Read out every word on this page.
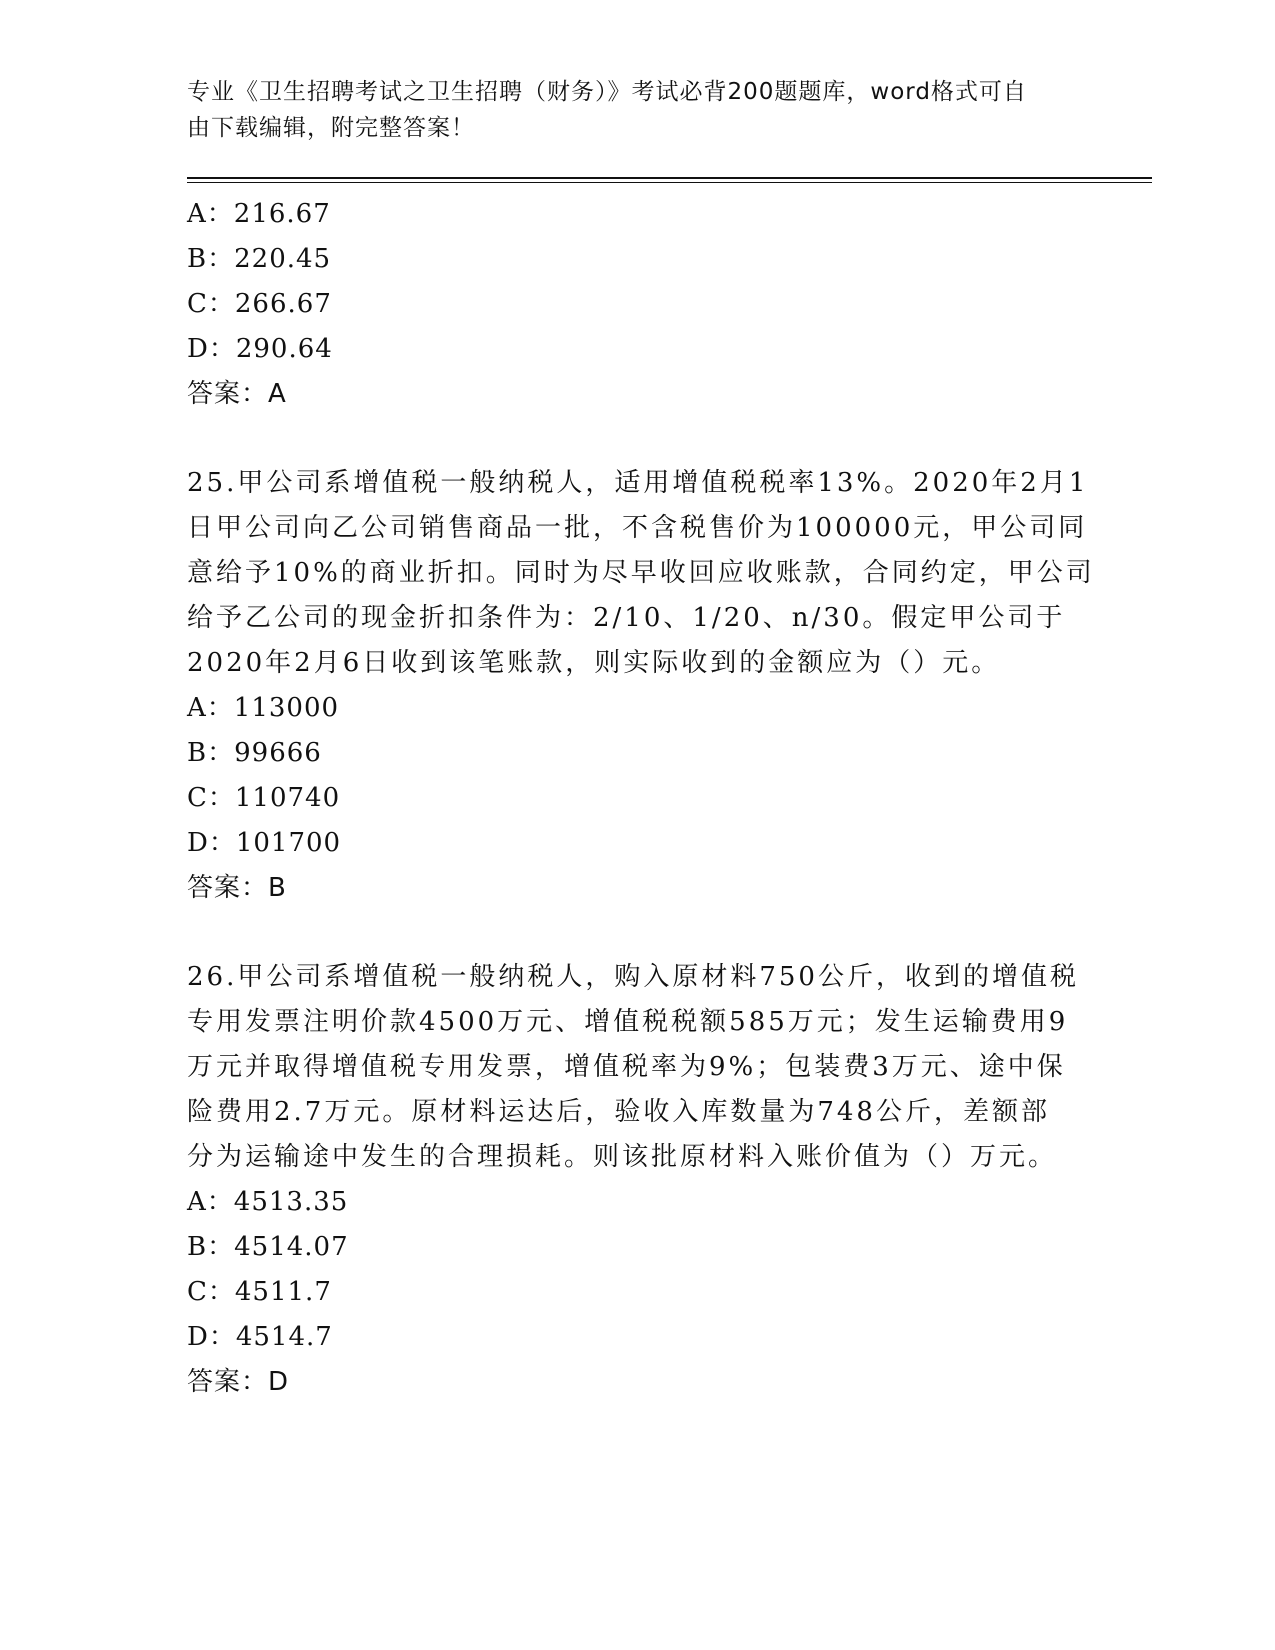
专业《卫生招聘考试之卫生招聘（财务）》考试必背200题题库，word格式可自
由下载编辑，附完整答案！
A：216.67
B：220.45
C：266.67
D：290.64
答案：A
25.甲公司系增值税一般纳税人，适用增值税税率13%。2020年2月1
日甲公司向乙公司销售商品一批，不含税售价为100000元，甲公司同
意给予10%的商业折扣。同时为尽早收回应收账款，合同约定，甲公司
给予乙公司的现金折扣条件为：2/10、1/20、n/30。假定甲公司于
2020年2月6日收到该笔账款，则实际收到的金额应为（）元。
A：113000
B：99666
C：110740
D：101700
答案：B
26.甲公司系增值税一般纳税人，购入原材料750公斤，收到的增值税
专用发票注明价款4500万元、增值税税额585万元；发生运输费用9
万元并取得增值税专用发票，增值税率为9%；包装费3万元、途中保
险费用2.7万元。原材料运达后，验收入库数量为748公斤，差额部
分为运输途中发生的合理损耗。则该批原材料入账价值为（）万元。
A：4513.35
B：4514.07
C：4511.7
D：4514.7
答案：D
